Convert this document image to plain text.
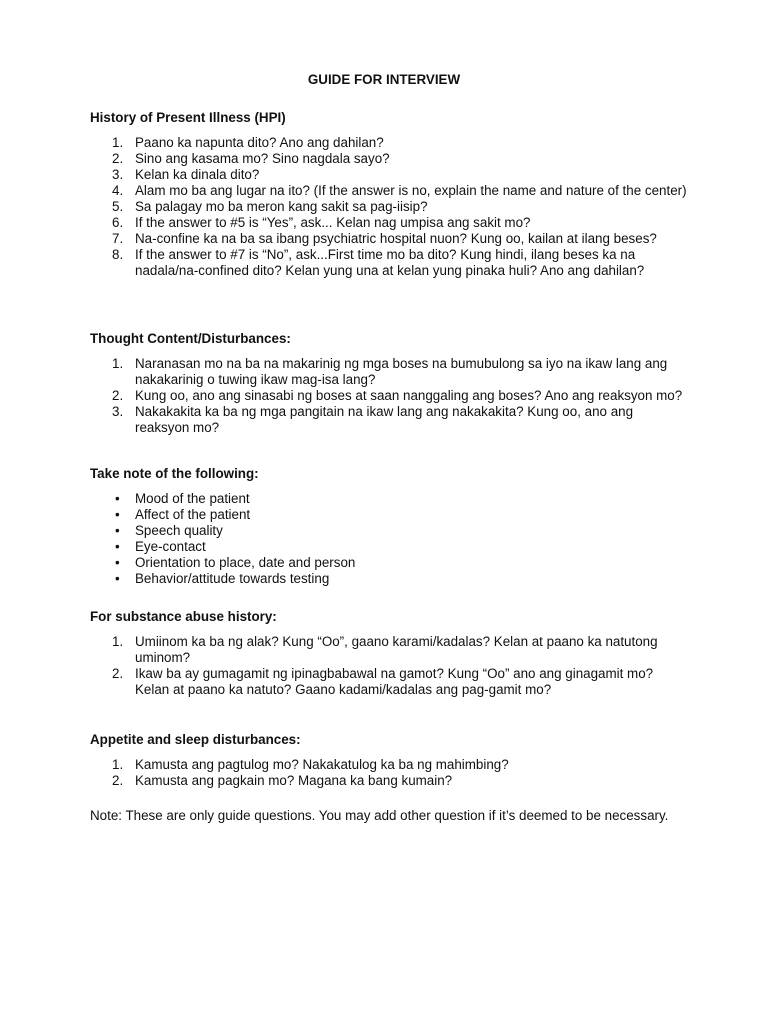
GUIDE FOR INTERVIEW
History of Present Illness (HPI)
1. Paano ka napunta dito? Ano ang dahilan?
2. Sino ang kasama mo? Sino nagdala sayo?
3. Kelan ka dinala dito?
4. Alam mo ba ang lugar na ito? (If the answer is no, explain the name and nature of the center)
5. Sa palagay mo ba meron kang sakit sa pag-iisip?
6. If the answer to #5 is “Yes”, ask... Kelan nag umpisa ang sakit mo?
7. Na-confine ka na ba sa ibang psychiatric hospital nuon? Kung oo, kailan at ilang beses?
8. If the answer to #7 is “No”, ask...First time mo ba dito? Kung hindi, ilang beses ka na nadala/na-confined dito? Kelan yung una at kelan yung pinaka huli? Ano ang dahilan?
Thought Content/Disturbances:
1. Naranasan mo na ba na makarinig ng mga boses na bumubulong sa iyo na ikaw lang ang nakakarinig o tuwing ikaw mag-isa lang?
2. Kung oo, ano ang sinasabi ng boses at saan nanggaling ang boses? Ano ang reaksyon mo?
3. Nakakakita ka ba ng mga pangitain na ikaw lang ang nakakakita? Kung oo, ano ang reaksyon mo?
Take note of the following:
•	Mood of the patient
•	Affect of the patient
•	Speech quality
•	Eye-contact
•	Orientation to place, date and person
•	Behavior/attitude towards testing
For substance abuse history:
1. Umiinom ka ba ng alak? Kung “Oo”, gaano karami/kadalas? Kelan at paano ka natutong uminom?
2. Ikaw ba ay gumagamit ng ipinagbabawal na gamot? Kung “Oo” ano ang ginagamit mo? Kelan at paano ka natuto? Gaano kadami/kadalas ang pag-gamit mo?
Appetite and sleep disturbances:
1. Kamusta ang pagtulog mo? Nakakatulog ka ba ng mahimbing?
2. Kamusta ang pagkain mo? Magana ka bang kumain?

Note: These are only guide questions. You may add other question if it’s deemed to be necessary.
